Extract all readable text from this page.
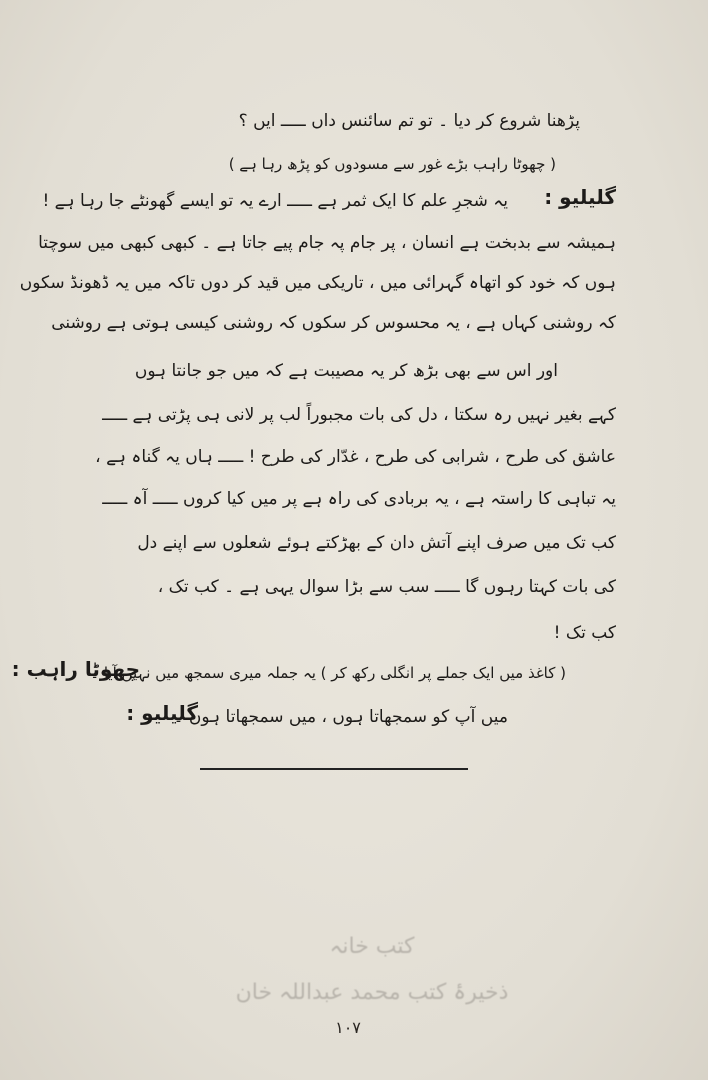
پڑھنا شروع کر دیا ۔ تو تم سائنس داں ـــــ ایں ؟
( چھوٹا راہب بڑے غور سے مسودوں کو پڑھ رہا ہے )
گلیلیو :
یہ شجرِ علم کا ایک ثمر ہے ـــــ ارے یہ تو ایسے گھونٹے جا رہا ہے !
ہمیشہ سے بدبخت ہے انسان ، پر جام پہ جام پیے جاتا ہے ۔ کبھی کبھی میں سوچتا
ہوں کہ خود کو اتھاہ گہرائی میں ، تاریکی میں قید کر دوں تاکہ میں یہ ڈھونڈ سکوں
کہ روشنی کہاں ہے ، یہ محسوس کر سکوں کہ روشنی کیسی ہوتی ہے روشنی
اور اس سے بھی بڑھ کر یہ مصیبت ہے کہ میں جو جانتا ہوں
کہے بغیر نہیں رہ سکتا ، دل کی بات مجبوراً لب پر لانی ہی پڑتی ہے ـــــ
عاشق کی طرح ، شرابی کی طرح ، غدّار کی طرح ! ـــــ ہاں یہ گناہ ہے ،
یہ تباہی کا راستہ ہے ، یہ بربادی کی راہ ہے پر میں کیا کروں ـــــ آہ ـــــ
کب تک میں صرف اپنے آتش دان کے بھڑکتے ہوئے شعلوں سے اپنے دل
کی بات کہتا رہوں گا ـــــ سب سے بڑا سوال یہی ہے ۔ کب تک ،
کب تک !
چھوٹا راہب :
( کاغذ میں ایک جملے پر انگلی رکھ کر ) یہ جملہ میری سمجھ میں نہیں آیا ۔
گلیلیو :
میں آپ کو سمجھاتا ہوں ، میں سمجھاتا ہوں ۔
کتب خانہ
ذخیرۂ کتب محمد عبداللہ خان
۱۰۷
